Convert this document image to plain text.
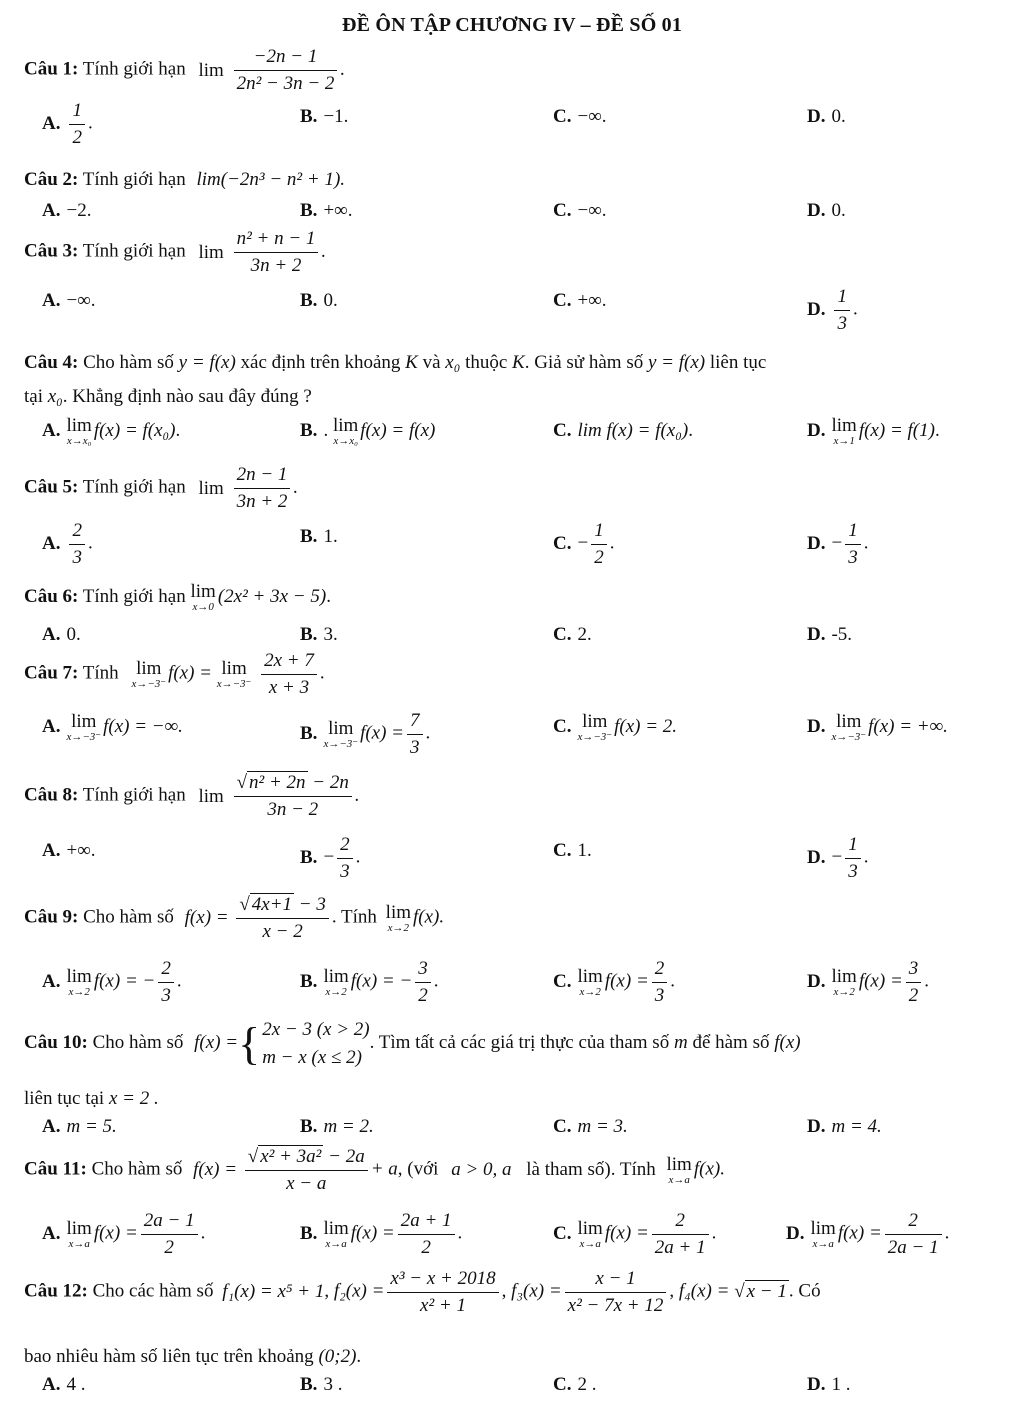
ĐỀ ÔN TẬP CHƯƠNG IV – ĐỀ SỐ 01
Câu 1: Tính giới hạn lim
$\frac{-2n - 1}{\text{2n² − 3n − 2}}$ .
A. $\frac{1}{2}$ .	B. −1.	C. −∞.	D. 0.
Câu 2: Tính giới hạn lim(−2n³ − n² + 1).
A. −2.	B. +∞.	C. −∞.	D. 0.
Câu 3: Tính giới hạn lim
$\frac{\text{n² + n − 1}}{3n + 2}$ .
A. −∞.	B. 0.	C. +∞.	D. $\frac{1}{3}$ .
Câu 4: Cho hàm số y = f(x) xác định trên khoảng K và x₀ thuộc K. Giả sử hàm số y = f(x) liên tục
tại x₀. Khẳng định nào sau đây đúng ?
A. lim
x→x₀
f(x) = f(x₀).	B. . lim
x→x₀
f(x) = f(x)	C. lim f(x) = f(x₀).	D. lim
x→1
f(x) = f(1).
Câu 5: Tính giới hạn lim
$\frac{2n - 1}{3n + 2}$ .
A. $\frac{2}{3}$ .	B. 1.	C. − $\frac{1}{2}$ .	D. − $\frac{1}{3}$ .
Câu 6: Tính giới hạn lim
x→0
(2x² + 3x − 5).
A. 0.	B. 3.	C. 2.	D. -5.
Câu 7: Tính lim
x→−3⁻
f(x) = lim
x→−3⁻
$\frac{2x + 7}{x + 3}$ .
A. lim
x→−3⁻
f(x) = −∞.	B. lim
x→−3⁻
$f(x) = \frac{7}{3}$ .	C. lim
x→−3⁻
f(x) = 2.	D. lim
x→−3⁻
f(x) = +∞.
Câu 8: Tính giới hạn lim
$\frac{\text{√ n² + 2n − 2n}}{3n - 2}$ .
A. +∞.	B. − $\frac{2}{3}$ .	C. 1.	D. − $\frac{1}{3}$ .
Câu 9: Cho hàm số $f(x) = \frac{√ 4x+1 - 3}{x - 2}$ . Tính lim
x→2
f(x).
A. lim
x→2
f(x) = − $\frac{2}{3}$ .	B. lim
x→2
f(x) = − $\frac{3}{2}$ .	C. lim
x→2
$f(x) = \frac{2}{3}$ .	D. lim
x→2
$f(x) = \frac{3}{2}$ .
Câu 10: Cho hàm số f(x) ={ 2x − 3 (x > 2)
m − x (x ≤ 2)
. Tìm tất cả các giá trị thực của tham số m để hàm số f(x)
liên tục tại x = 2 .
A. m = 5.	B. m = 2.	C. m = 3.	D. m = 4.
Câu 11: Cho hàm số $f(x) = \frac{\text{√ x² + 3a² − 2a}}{x - a} + a$, (với a > 0, a là tham số). Tính lim
x→a
f(x).
A. lim
x→a
$f(x) = \frac{2a - 1}{2}$ .	B. lim
x→a
$f(x) = \frac{2a + 1}{2}$ .	C. lim
x→a
$f(x) = \frac{2}{2a + 1}$ .	D. lim
x→a
$f(x) = \frac{2}{2a - 1}$ .
Câu 12: Cho các hàm số f₁(x) = x⁵ + 1, $f_2(x) = \frac{\text{x³ − x + 2018}}{\text{x² + 1}}$ , $f_3(x) = \frac{x - 1}{\text{x² − 7x + 12}}$ , f₄(x) = √ x − 1 . Có
bao nhiêu hàm số liên tục trên khoảng (0;2).
A. 4 .	B. 3 .	C. 2 .	D. 1 .
